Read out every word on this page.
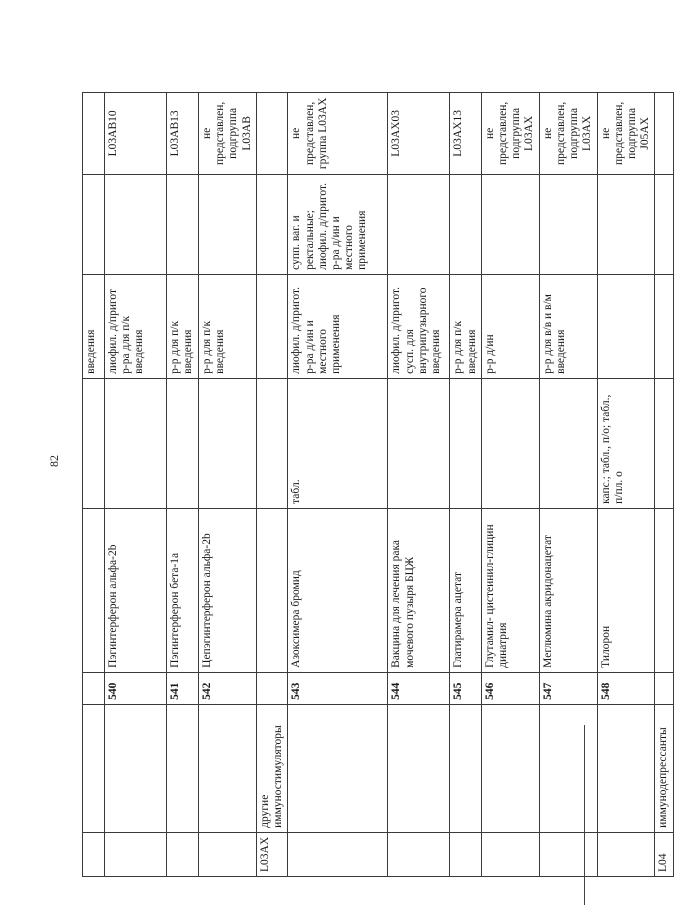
82
					введения		
		540	Пэгинтерферон альфа-2b		лиофил. д/пригот р-ра для п/к введения		L03AB10
		541	Пэгинтерферон бета-1a		р-р для п/к введения		L03AB13
		542	Цепэгинтерферон альфа-2b		р-р для п/к введения		не представлен, подгруппа L03AB
L03AX	другие иммуностимуляторы						
		543	Азоксимера бромид	табл.	лиофил. д/пригот. р-ра д/ин и местного применения	супп. ваг. и ректальные; лиофил. д/пригот. р-ра д/ин и местного применения	не представлен, группа L03AX
		544	Вакцина для лечения рака мочевого пузыря БЦЖ		лиофил. д/пригот. сусп. для внутрипузырного введения		L03AX03
		545	Глатирамера ацетат		р-р для п/к введения		L03AX13
		546	Глутамил- цистеинил-глицин динатрия		р-р д/ин		не представлен, подгруппа L03AX
		547	Меглюмина акридонацетат		р-р для в/в и в/м введения		не представлен, подгруппа L03AX
		548	Тилорон	капс.; табл., п/о; табл., п/пл. о			не представлен, подгруппа J05AX
L04	иммунодепрессанты						
